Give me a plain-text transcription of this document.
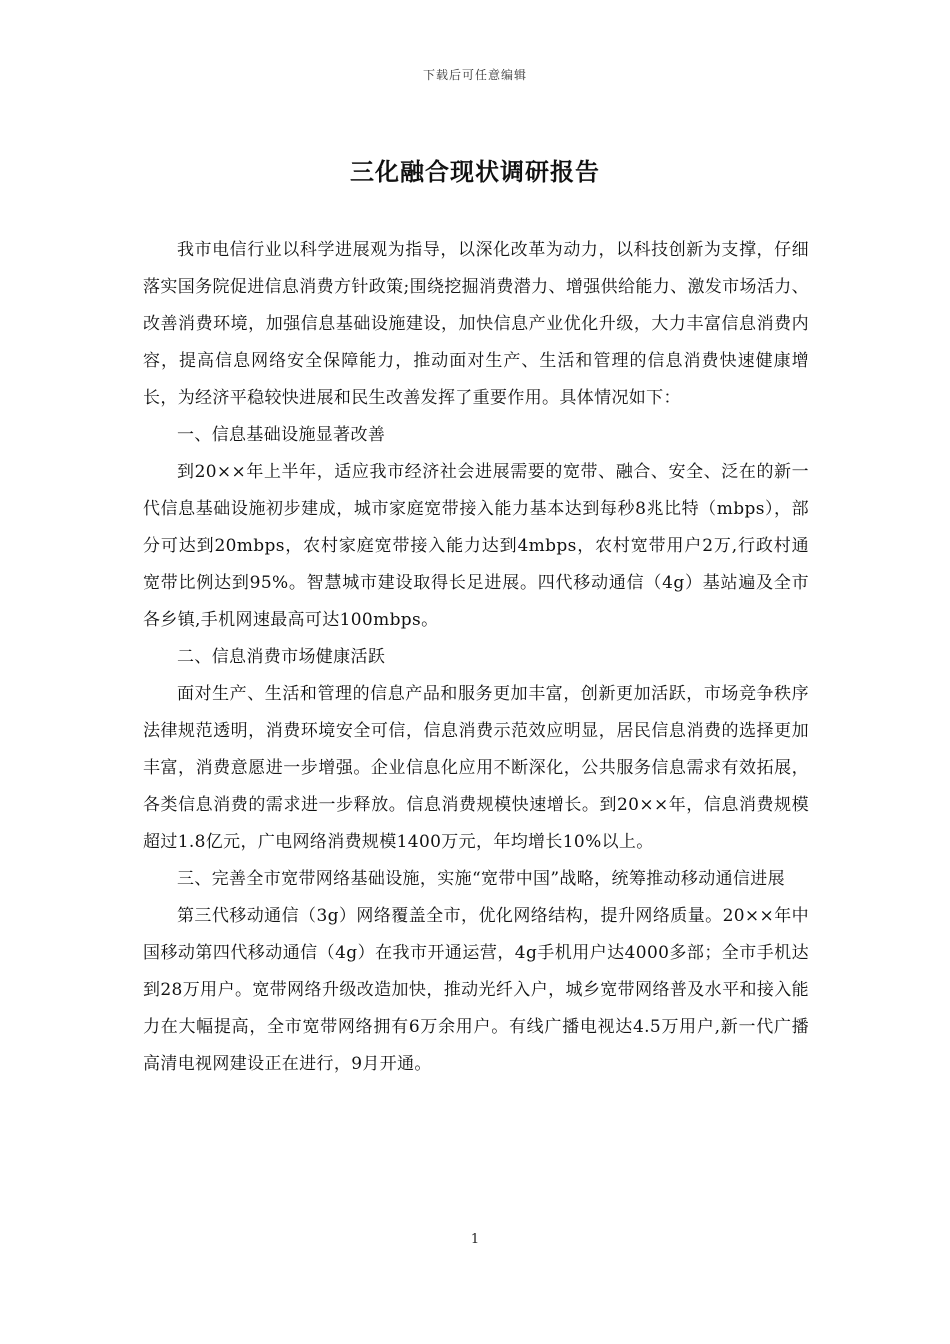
下载后可任意编辑
三化融合现状调研报告

我市电信行业以科学进展观为指导，以深化改革为动力，以科技创新为支撑，仔细落实国务院促进信息消费方针政策;围绕挖掘消费潜力、增强供给能力、激发市场活力、改善消费环境，加强信息基础设施建设，加快信息产业优化升级，大力丰富信息消费内容，提高信息网络安全保障能力，推动面对生产、生活和管理的信息消费快速健康增长，为经济平稳较快进展和民生改善发挥了重要作用。具体情况如下：

一、信息基础设施显著改善

到20××年上半年，适应我市经济社会进展需要的宽带、融合、安全、泛在的新一代信息基础设施初步建成，城市家庭宽带接入能力基本达到每秒8兆比特（mbps），部分可达到20mbps，农村家庭宽带接入能力达到4mbps，农村宽带用户2万,行政村通宽带比例达到95%。智慧城市建设取得长足进展。四代移动通信（4g）基站遍及全市各乡镇,手机网速最高可达100mbps。

二、信息消费市场健康活跃

面对生产、生活和管理的信息产品和服务更加丰富，创新更加活跃，市场竞争秩序法律规范透明，消费环境安全可信，信息消费示范效应明显，居民信息消费的选择更加丰富，消费意愿进一步增强。企业信息化应用不断深化，公共服务信息需求有效拓展，各类信息消费的需求进一步释放。信息消费规模快速增长。到20××年，信息消费规模超过1.8亿元，广电网络消费规模1400万元，年均增长10%以上。

三、完善全市宽带网络基础设施，实施“宽带中国”战略，统筹推动移动通信进展

第三代移动通信（3g）网络覆盖全市，优化网络结构，提升网络质量。20××年中国移动第四代移动通信（4g）在我市开通运营，4g手机用户达4000多部；全市手机达到28万用户。宽带网络升级改造加快，推动光纤入户，城乡宽带网络普及水平和接入能力在大幅提高，全市宽带网络拥有6万余用户。有线广播电视达4.5万用户,新一代广播高清电视网建设正在进行，9月开通。

1
